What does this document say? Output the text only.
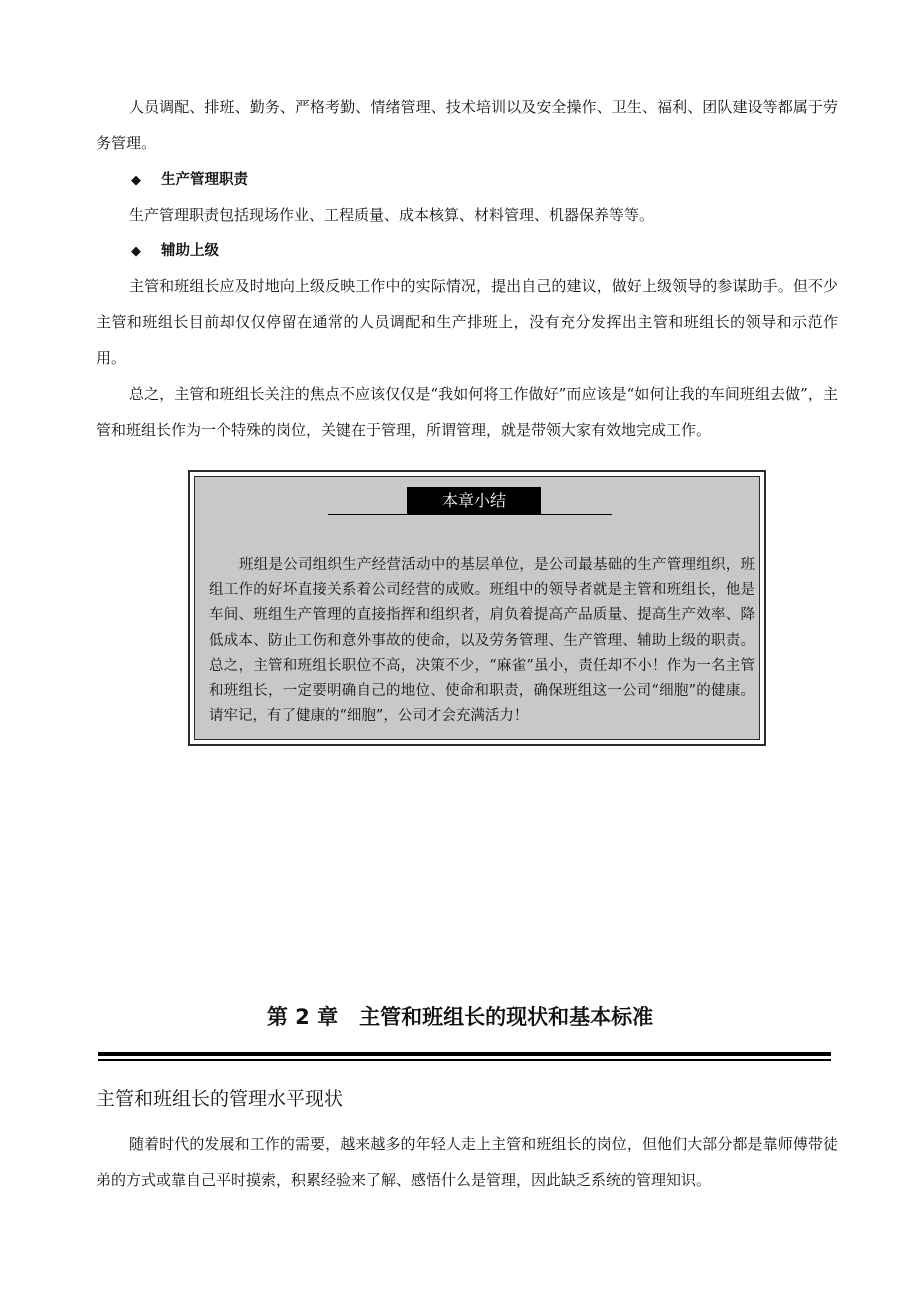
人员调配、排班、勤务、严格考勤、情绪管理、技术培训以及安全操作、卫生、福利、团队建设等都属于劳务管理。

◆ 生产管理职责

生产管理职责包括现场作业、工程质量、成本核算、材料管理、机器保养等等。

◆ 辅助上级

主管和班组长应及时地向上级反映工作中的实际情况，提出自己的建议，做好上级领导的参谋助手。但不少主管和班组长目前却仅仅停留在通常的人员调配和生产排班上，没有充分发挥出主管和班组长的领导和示范作用。

总之，主管和班组长关注的焦点不应该仅仅是“我如何将工作做好”而应该是“如何让我的车间班组去做”，主管和班组长作为一个特殊的岗位，关键在于管理，所谓管理，就是带领大家有效地完成工作。

本章小结

班组是公司组织生产经营活动中的基层单位，是公司最基础的生产管理组织，班组工作的好坏直接关系着公司经营的成败。班组中的领导者就是主管和班组长，他是车间、班组生产管理的直接指挥和组织者，肩负着提高产品质量、提高生产效率、降低成本、防止工伤和意外事故的使命，以及劳务管理、生产管理、辅助上级的职责。总之，主管和班组长职位不高，决策不少，“麻雀”虽小，责任却不小！作为一名主管和班组长，一定要明确自己的地位、使命和职责，确保班组这一公司“细胞”的健康。请牢记，有了健康的“细胞”，公司才会充满活力！

第 2 章　主管和班组长的现状和基本标准
主管和班组长的管理水平现状

随着时代的发展和工作的需要，越来越多的年轻人走上主管和班组长的岗位，但他们大部分都是靠师傅带徒弟的方式或靠自己平时摸索，积累经验来了解、感悟什么是管理，因此缺乏系统的管理知识。
